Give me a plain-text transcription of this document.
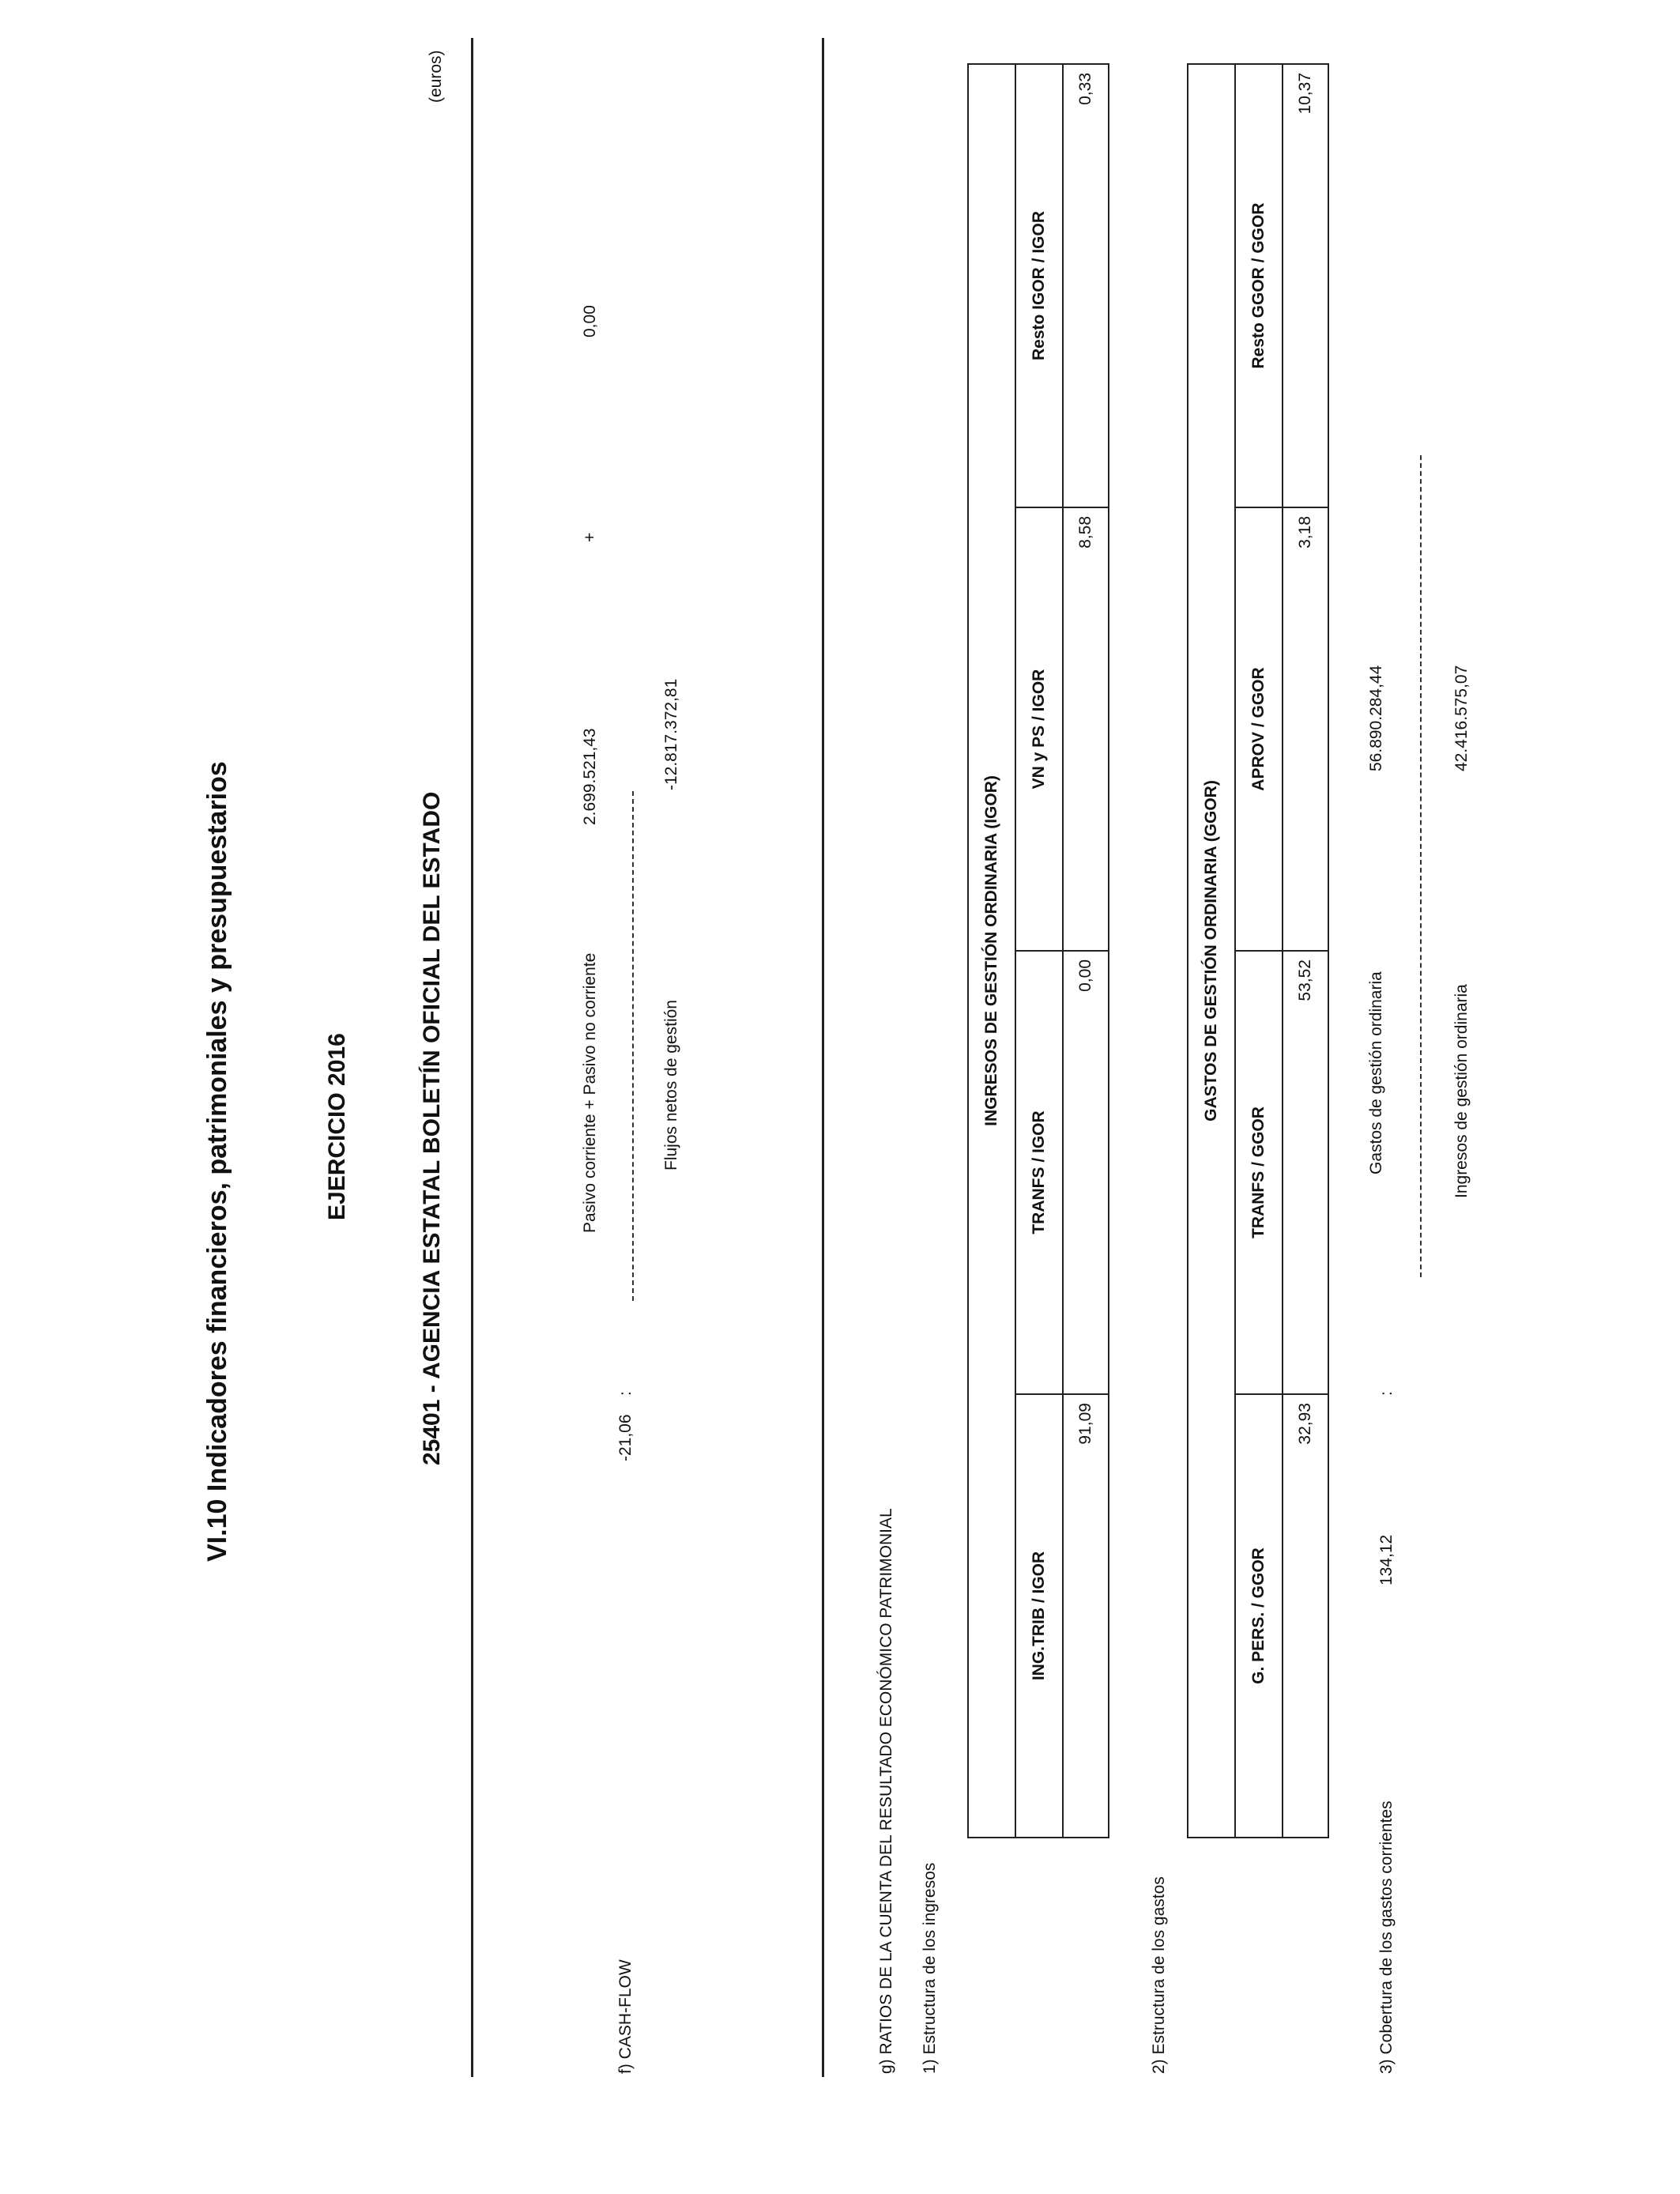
VI.10 Indicadores financieros, patrimoniales y presupuestarios	EJERCICIO 2016	25401 - AGENCIA ESTATAL BOLETÍN OFICIAL DEL ESTADO
(euros)
f) CASH-FLOW
-21,06
:
Pasivo corriente + Pasivo no corriente
2.699.521,43
+
0,00
Flujos netos de gestión
-12.817.372,81
g) RATIOS DE LA CUENTA DEL RESULTADO ECONÓMICO PATRIMONIAL 1) Estructura de los ingresos
INGRESOS DE GESTIÓN ORDINARIA (IGOR)			
ING.TRIB / IGOR	TRANFS / IGOR	VN y PS / IGOR	Resto IGOR / IGOR
91,09	0,00	8,58	0,33
2) Estructura de los gastos
GASTOS DE GESTIÓN ORDINARIA (GGOR)			
G. PERS. / GGOR	TRANFS / GGOR	APROV / GGOR	Resto GGOR / GGOR
32,93	53,52	3,18	10,37
3) Cobertura de los gastos corrientes
134,12
:
Gastos de gestión ordinaria
56.890.284,44
Ingresos de gestión ordinaria
42.416.575,07
